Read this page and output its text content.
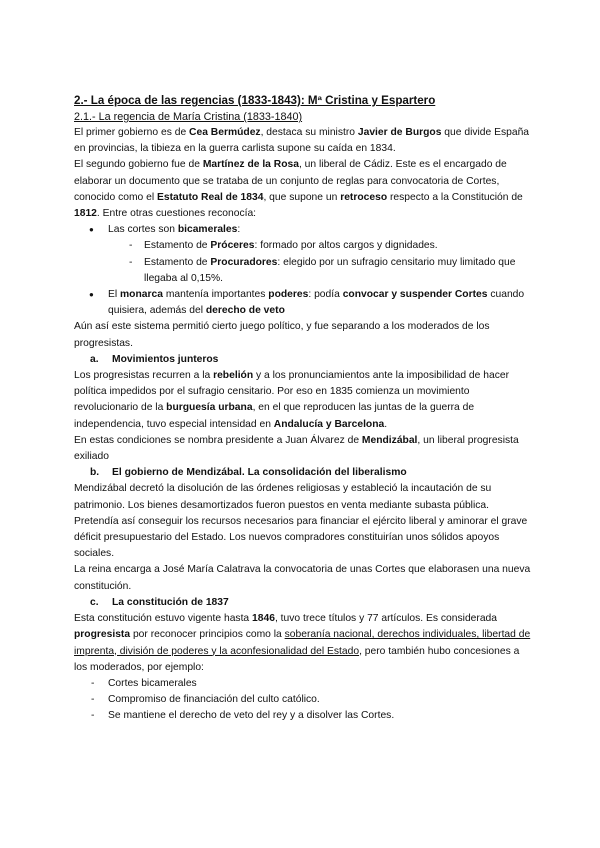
2.- La época de las regencias (1833-1843): Mª Cristina y Espartero

2.1.- La regencia de María Cristina (1833-1840)

El primer gobierno es de Cea Bermúdez, destaca su ministro Javier de Burgos que divide España en provincias, la tibieza en la guerra carlista supone su caída en 1834.

El segundo gobierno fue de Martínez de la Rosa, un liberal de Cádiz. Este es el encargado de elaborar un documento que se trataba de un conjunto de reglas para convocatoria de Cortes, conocido como el Estatuto Real de 1834, que supone un retroceso respecto a la Constitución de 1812. Entre otras cuestiones reconocía:

● Las cortes son bicamerales:
- Estamento de Próceres: formado por altos cargos y dignidades.
- Estamento de Procuradores: elegido por un sufragio censitario muy limitado que llegaba al 0,15%.
● El monarca mantenía importantes poderes: podía convocar y suspender Cortes cuando quisiera, además del derecho de veto

Aún así este sistema permitió cierto juego político, y fue separando a los moderados de los progresistas.

a. Movimientos junteros

Los progresistas recurren a la rebelión y a los pronunciamientos ante la imposibilidad de hacer política impedidos por el sufragio censitario. Por eso en 1835 comienza un movimiento revolucionario de la burguesía urbana, en el que reproducen las juntas de la guerra de independencia, tuvo especial intensidad en Andalucía y Barcelona.

En estas condiciones se nombra presidente a Juan Álvarez de Mendizábal, un liberal progresista exiliado

b. El gobierno de Mendizábal. La consolidación del liberalismo

Mendizábal decretó la disolución de las órdenes religiosas y estableció la incautación de su patrimonio. Los bienes desamortizados fueron puestos en venta mediante subasta pública. Pretendía así conseguir los recursos necesarios para financiar el ejército liberal y aminorar el grave déficit presupuestario del Estado. Los nuevos compradores constituirían unos sólidos apoyos sociales.

La reina encarga a José María Calatrava la convocatoria de unas Cortes que elaborasen una nueva constitución.

c. La constitución de 1837

Esta constitución estuvo vigente hasta 1846, tuvo trece títulos y 77 artículos. Es considerada progresista por reconocer principios como la soberanía nacional, derechos individuales, libertad de imprenta, división de poderes y la aconfesionalidad del Estado, pero también hubo concesiones a los moderados, por ejemplo:

- Cortes bicamerales
- Compromiso de financiación del culto católico.
- Se mantiene el derecho de veto del rey y a disolver las Cortes.
